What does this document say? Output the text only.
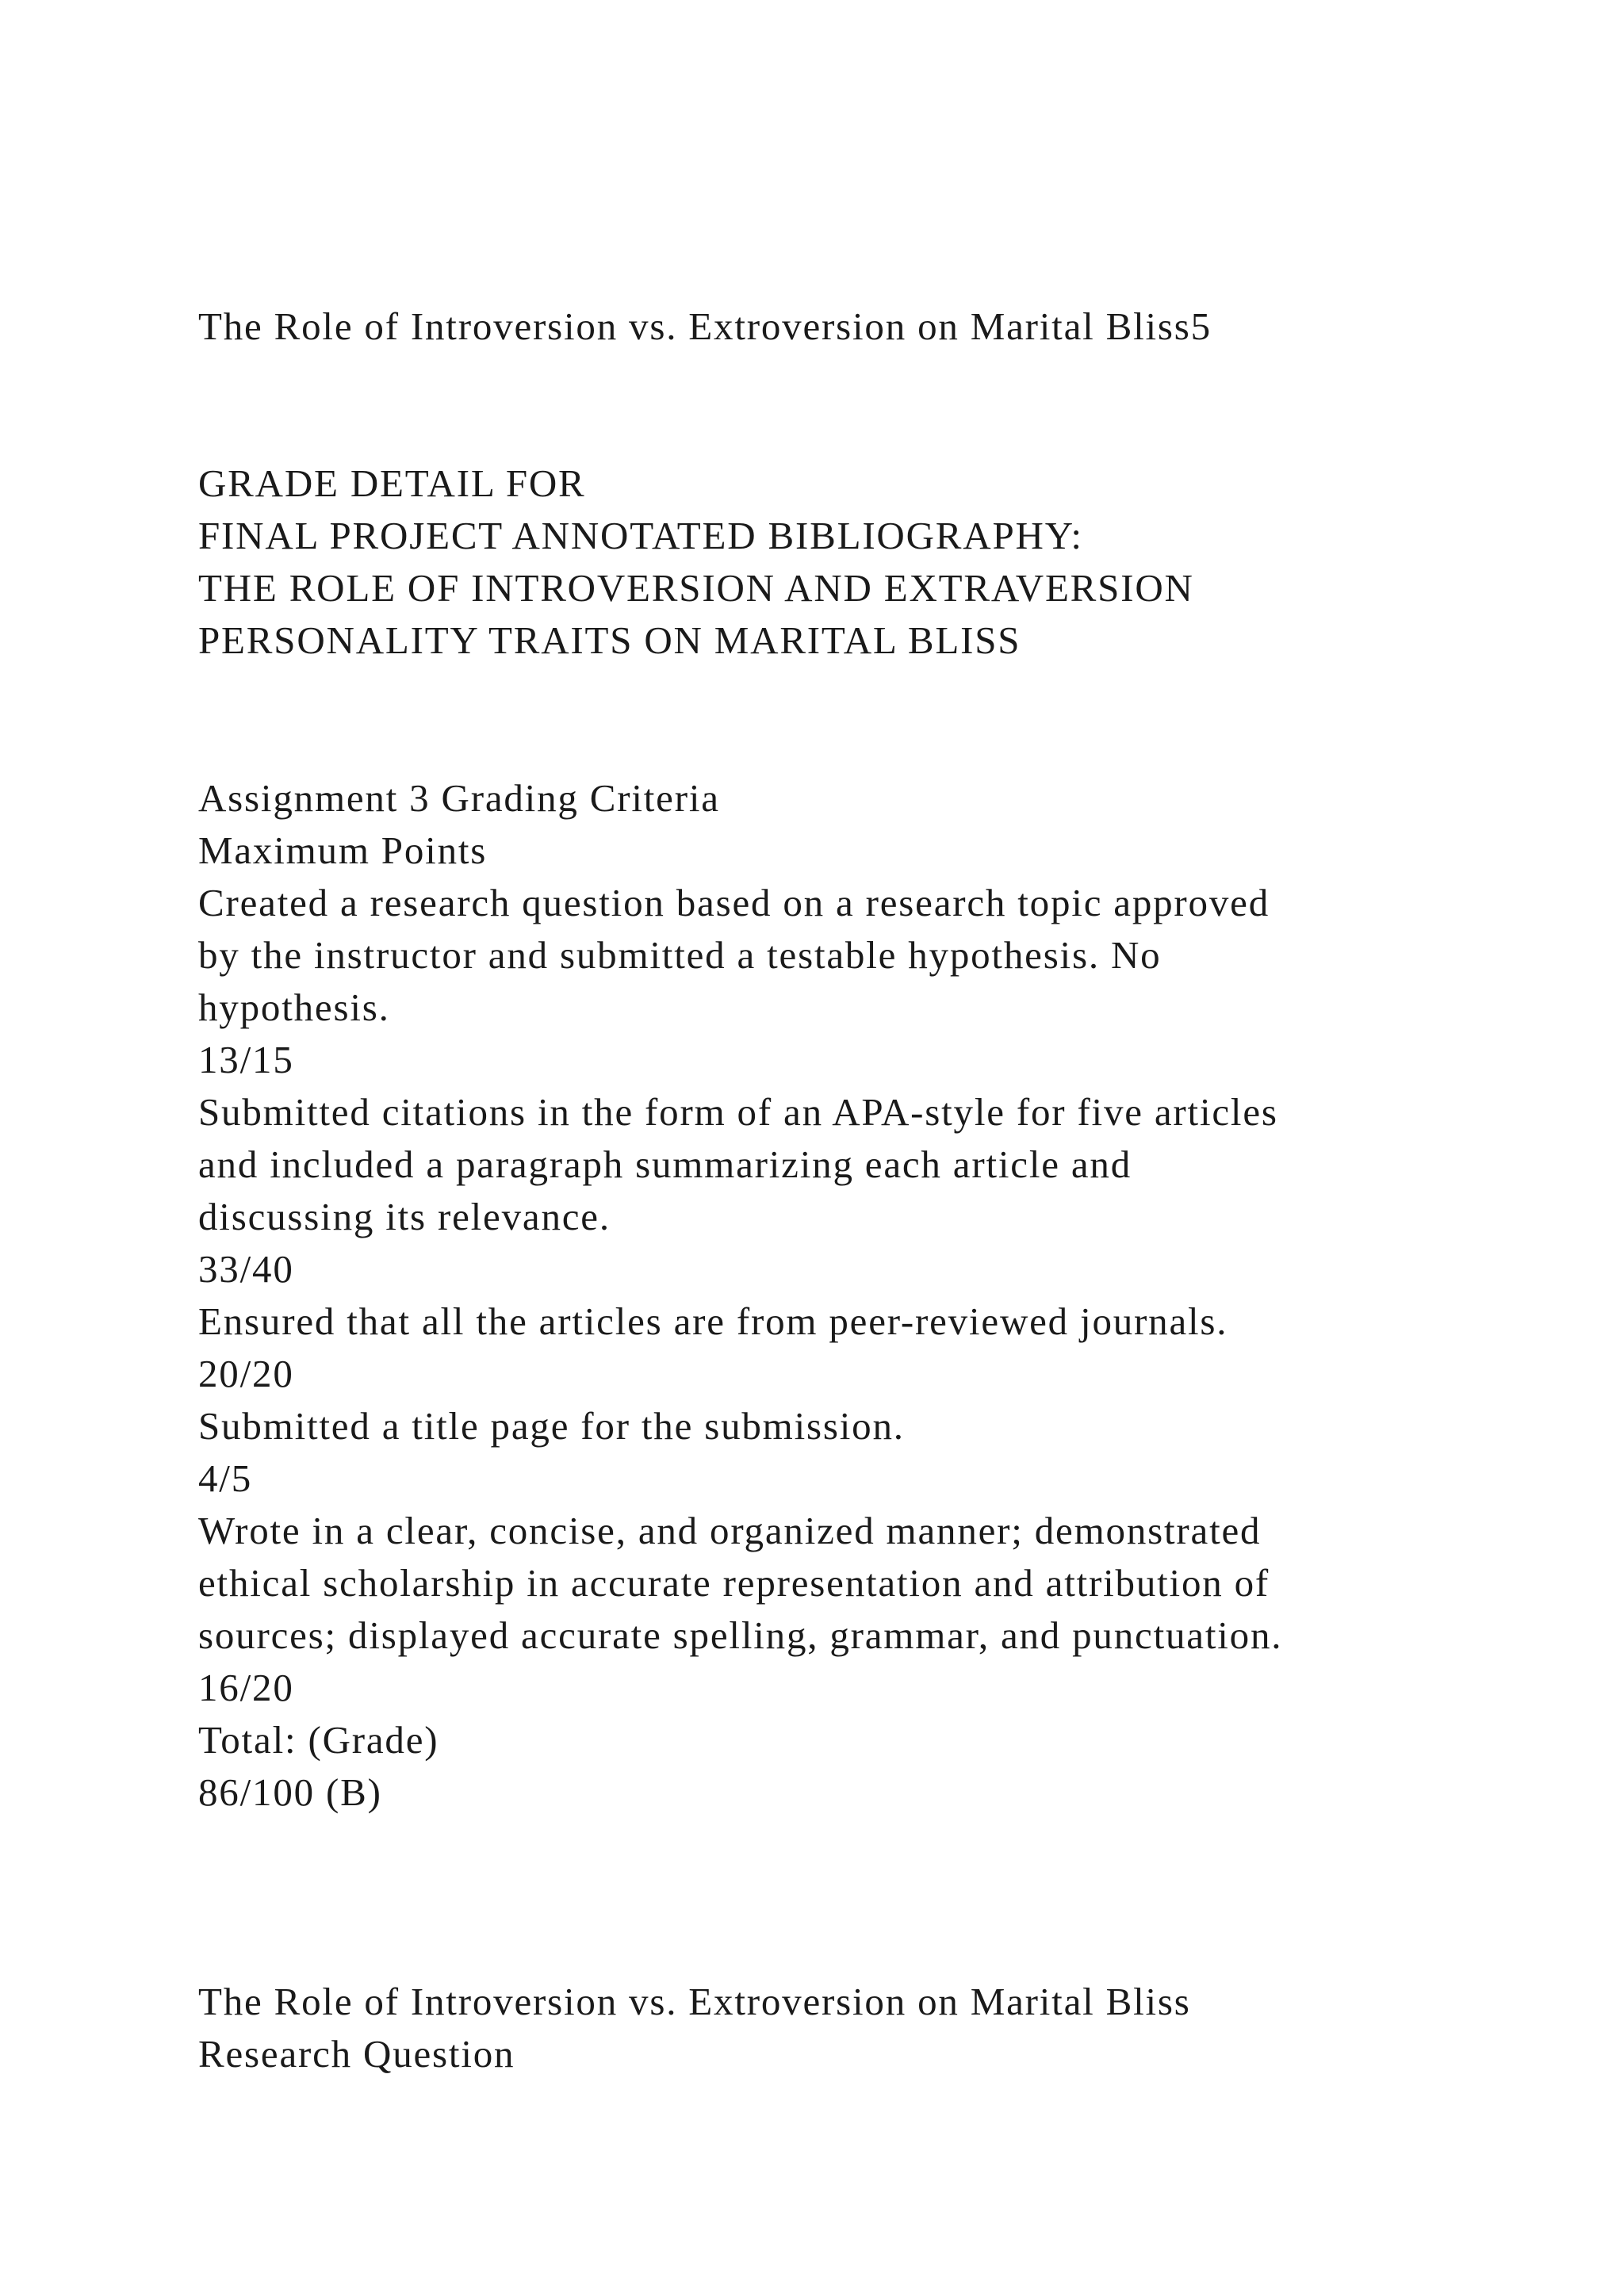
The Role of Introversion vs. Extroversion on Marital Bliss5

GRADE DETAIL FOR

FINAL PROJECT ANNOTATED BIBLIOGRAPHY:

THE ROLE OF INTROVERSION AND EXTRAVERSION

PERSONALITY TRAITS ON MARITAL BLISS

Assignment 3 Grading Criteria

Maximum Points

Created a research question based on a research topic approved

by the instructor and submitted a testable hypothesis. No

hypothesis.

13/15

Submitted citations in the form of an APA-style for five articles

and included a paragraph summarizing each article and

discussing its relevance.

33/40

Ensured that all the articles are from peer-reviewed journals.

20/20

Submitted a title page for the submission.

4/5

Wrote in a clear, concise, and organized manner; demonstrated

ethical scholarship in accurate representation and attribution of

sources; displayed accurate spelling, grammar, and punctuation.

16/20

Total: (Grade)

86/100 (B)

The Role of Introversion vs. Extroversion on Marital Bliss

Research Question
